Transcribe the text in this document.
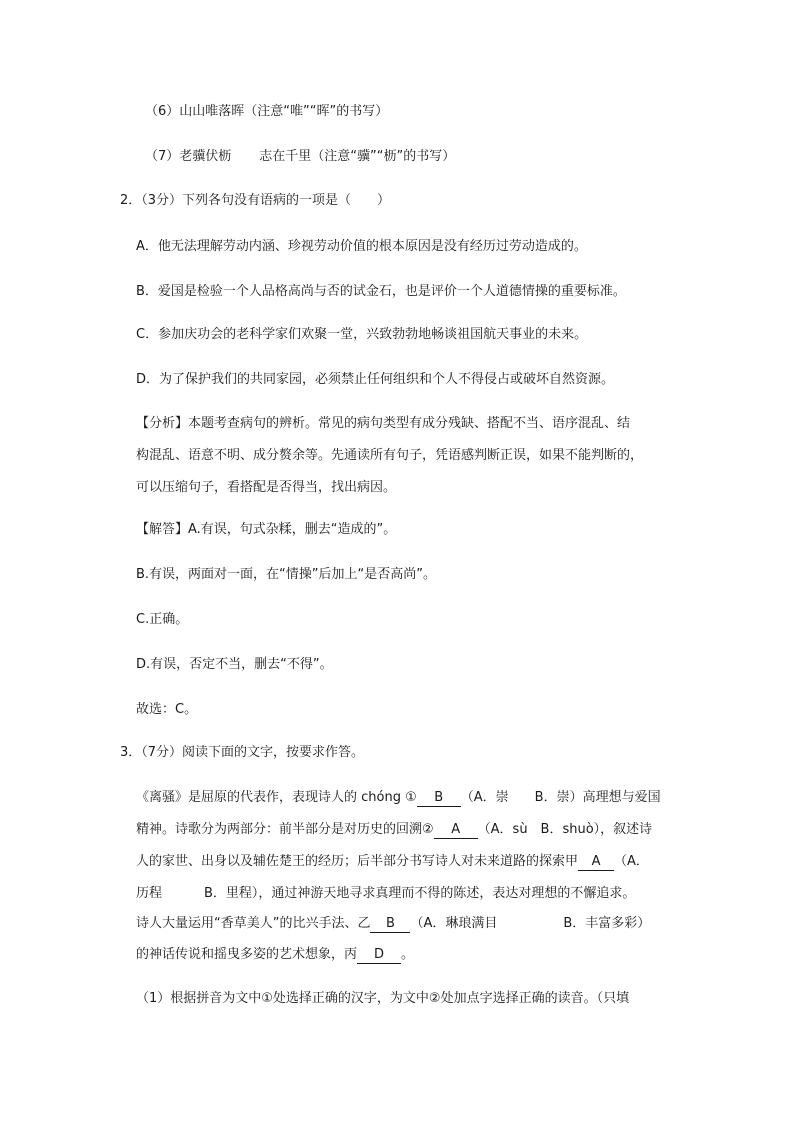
（6）山山唯落晖（注意“唯”“晖”的书写）
（7）老骥伏枥 志在千里（注意“骥”“枥”的书写）
2．（3分）下列各句没有语病的一项是（　　）
A．他无法理解劳动内涵、珍视劳动价值的根本原因是没有经历过劳动造成的。
B．爱国是检验一个人品格高尚与否的试金石，也是评价一个人道德情操的重要标准。
C．参加庆功会的老科学家们欢聚一堂，兴致勃勃地畅谈祖国航天事业的未来。
D．为了保护我们的共同家园，必须禁止任何组织和个人不得侵占或破坏自然资源。
【分析】本题考查病句的辨析。常见的病句类型有成分残缺、搭配不当、语序混乱、结
构混乱、语意不明、成分赘余等。先通读所有句子，凭语感判断正误，如果不能判断的，
可以压缩句子，看搭配是否得当，找出病因。
【解答】A.有误，句式杂糅，删去“造成的”。
B.有误，两面对一面，在“情操”后加上“是否高尚”。
C.正确。
D.有误，否定不当，删去“不得”。
故选：C。
3．（7分）阅读下面的文字，按要求作答。
《离骚》是屈原的代表作，表现诗人的 chóng ① B （A．崇　　B．崇）高理想与爱国
精神。诗歌分为两部分：前半部分是对历史的回溯② A （A．sù　B．shuò），叙述诗
人的家世、出身以及辅佐楚王的经历；后半部分书写诗人对未来道路的探索甲 A （A．
历程	B．里程），通过神游天地寻求真理而不得的陈述，表达对理想的不懈追求。
诗人大量运用“香草美人”的比兴手法、乙 B （A．琳琅满目	B．丰富多彩）
的神话传说和摇曳多姿的艺术想象，丙 D 。
（1）根据拼音为文中①处选择正确的汉字，为文中②处加点字选择正确的读音。（只填
